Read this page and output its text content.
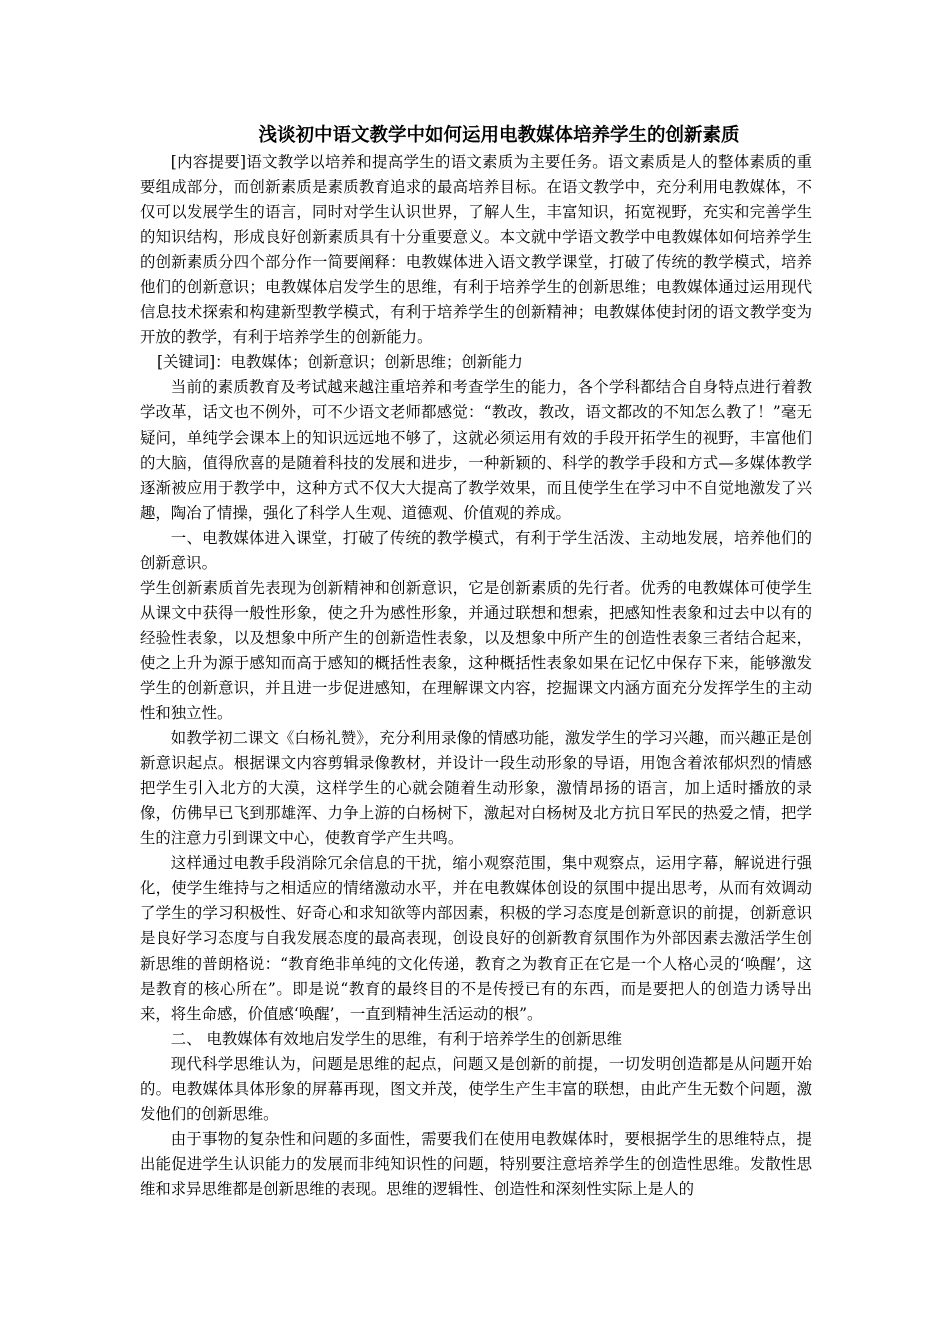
浅谈初中语文教学中如何运用电教媒体培养学生的创新素质

[内容提要]语文教学以培养和提高学生的语文素质为主要任务。语文素质是人的整体素质的重要组成部分，而创新素质是素质教育追求的最高培养目标。在语文教学中，充分利用电教媒体，不仅可以发展学生的语言，同时对学生认识世界，了解人生，丰富知识，拓宽视野，充实和完善学生的知识结构，形成良好创新素质具有十分重要意义。本文就中学语文教学中电教媒体如何培养学生的创新素质分四个部分作一简要阐释：电教媒体进入语文教学课堂，打破了传统的教学模式，培养他们的创新意识；电教媒体启发学生的思维，有利于培养学生的创新思维；电教媒体通过运用现代信息技术探索和构建新型教学模式，有利于培养学生的创新精神；电教媒体使封闭的语文教学变为开放的教学，有利于培养学生的创新能力。

[关键词]：电教媒体；创新意识；创新思维；创新能力

当前的素质教育及考试越来越注重培养和考查学生的能力，各个学科都结合自身特点进行着教学改革，话文也不例外，可不少语文老师都感觉：“教改，教改，语文都改的不知怎么教了！”毫无疑问，单纯学会课本上的知识远远地不够了，这就必须运用有效的手段开拓学生的视野，丰富他们的大脑，值得欣喜的是随着科技的发展和进步，一种新颖的、科学的教学手段和方式—多媒体教学逐渐被应用于教学中，这种方式不仅大大提高了教学效果，而且使学生在学习中不自觉地激发了兴趣，陶冶了情操，强化了科学人生观、道德观、价值观的养成。

一、电教媒体进入课堂，打破了传统的教学模式，有利于学生活泼、主动地发展，培养他们的创新意识。

学生创新素质首先表现为创新精神和创新意识，它是创新素质的先行者。优秀的电教媒体可使学生从课文中获得一般性形象，使之升为感性形象，并通过联想和想索，把感知性表象和过去中以有的经验性表象，以及想象中所产生的创新造性表象，以及想象中所产生的创造性表象三者结合起来，使之上升为源于感知而高于感知的概括性表象，这种概括性表象如果在记忆中保存下来，能够激发学生的创新意识，并且进一步促进感知，在理解课文内容，挖掘课文内涵方面充分发挥学生的主动性和独立性。

如教学初二课文《白杨礼赞》，充分利用录像的情感功能，激发学生的学习兴趣，而兴趣正是创新意识起点。根据课文内容剪辑录像教材，并设计一段生动形象的导语，用饱含着浓郁炽烈的情感把学生引入北方的大漠，这样学生的心就会随着生动形象，激情昂扬的语言，加上适时播放的录像，仿佛早已飞到那雄浑、力争上游的白杨树下，激起对白杨树及北方抗日军民的热爱之情，把学生的注意力引到课文中心，使教育学产生共鸣。

这样通过电教手段消除冗余信息的干扰，缩小观察范围，集中观察点，运用字幕，解说进行强化，使学生维持与之相适应的情绪激动水平，并在电教媒体创设的氛围中提出思考，从而有效调动了学生的学习积极性、好奇心和求知欲等内部因素，积极的学习态度是创新意识的前提，创新意识是良好学习态度与自我发展态度的最高表现，创设良好的创新教育氛围作为外部因素去激活学生创新思维的普朗格说：“教育绝非单纯的文化传递，教育之为教育正在它是一个人格心灵的‘唤醒’，这是教育的核心所在”。即是说“教育的最终目的不是传授已有的东西，而是要把人的创造力诱导出来，将生命感，价值感‘唤醒’，一直到精神生活运动的根”。

二、 电教媒体有效地启发学生的思维，有利于培养学生的创新思维

现代科学思维认为，问题是思维的起点，问题又是创新的前提，一切发明创造都是从问题开始的。电教媒体具体形象的屏幕再现，图文并茂，使学生产生丰富的联想，由此产生无数个问题，激发他们的创新思维。

由于事物的复杂性和问题的多面性，需要我们在使用电教媒体时，要根据学生的思维特点，提出能促进学生认识能力的发展而非纯知识性的问题，特别要注意培养学生的创造性思维。发散性思维和求异思维都是创新思维的表现。思维的逻辑性、创造性和深刻性实际上是人的
